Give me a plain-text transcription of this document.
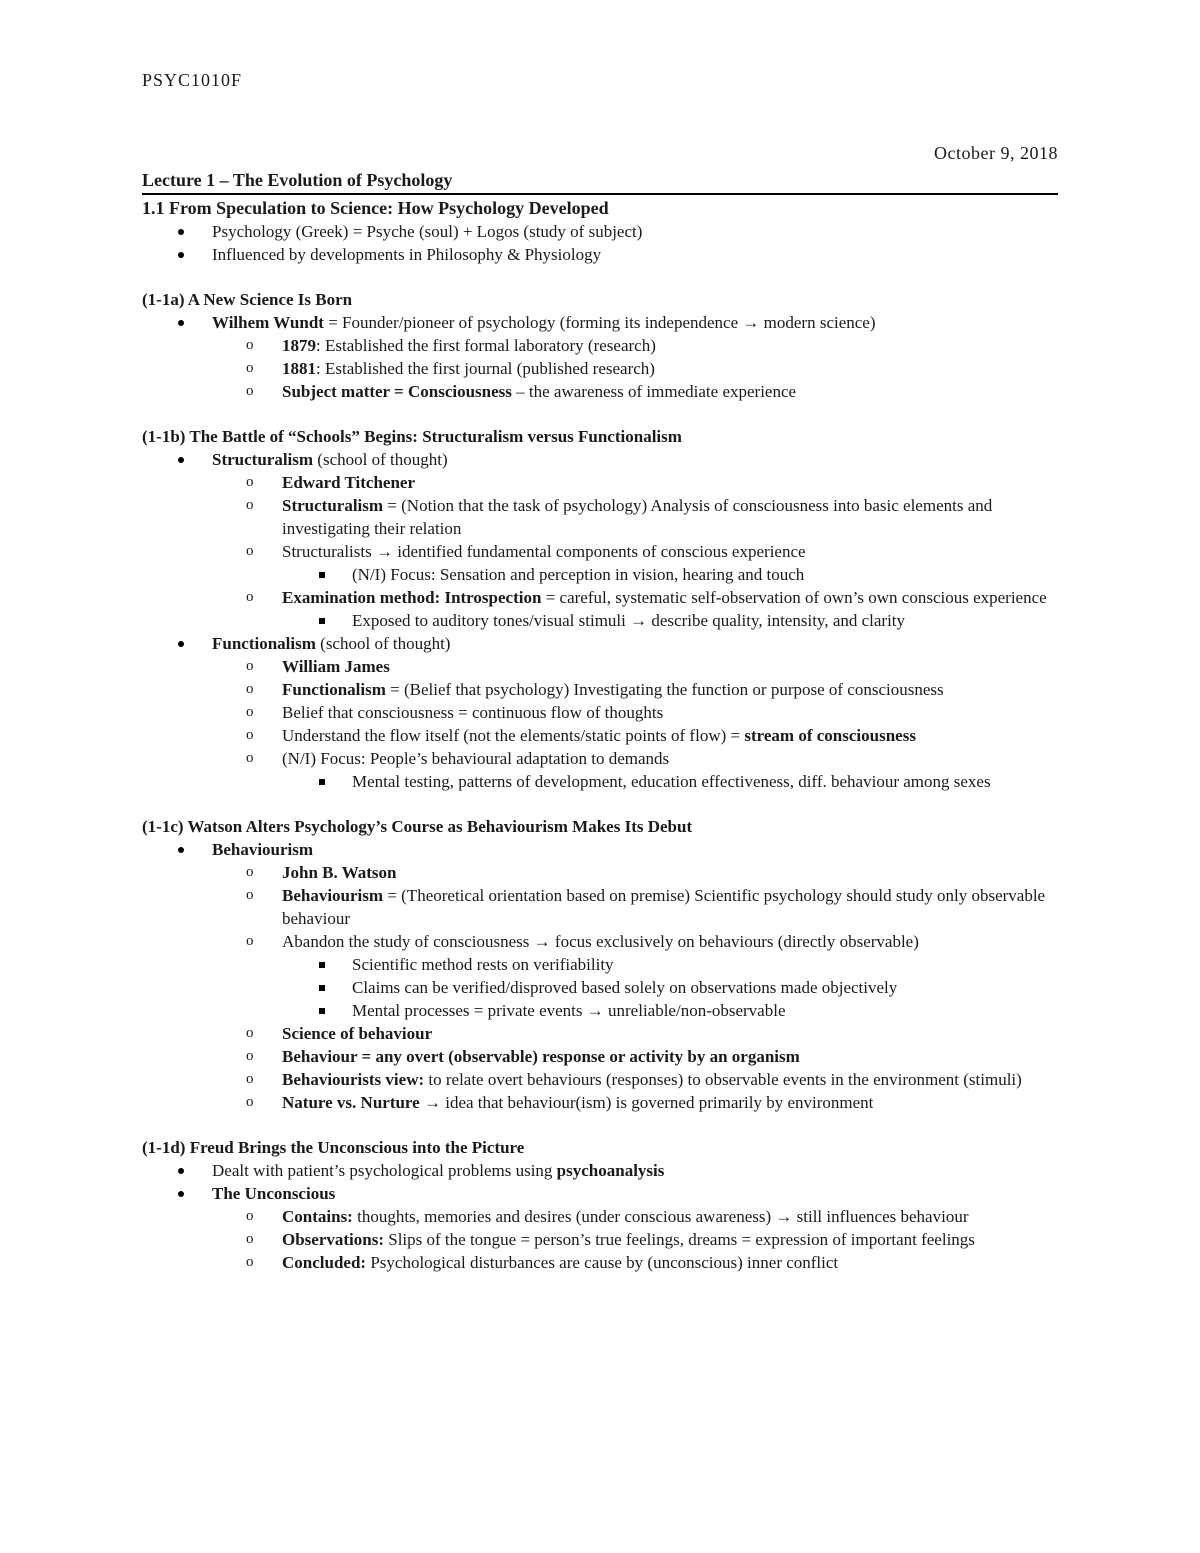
PSYC1010F
October 9, 2018
Lecture 1 – The Evolution of Psychology
1.1 From Speculation to Science: How Psychology Developed
Psychology (Greek) = Psyche (soul) + Logos (study of subject)
Influenced by developments in Philosophy & Physiology
(1-1a) A New Science Is Born
Wilhem Wundt = Founder/pioneer of psychology (forming its independence → modern science)
o 1879: Established the first formal laboratory (research)
o 1881: Established the first journal (published research)
o Subject matter = Consciousness – the awareness of immediate experience
(1-1b) The Battle of “Schools” Begins: Structuralism versus Functionalism
Structuralism (school of thought)
o Edward Titchener
o Structuralism = (Notion that the task of psychology) Analysis of consciousness into basic elements and investigating their relation
o Structuralists → identified fundamental components of conscious experience
(N/I) Focus: Sensation and perception in vision, hearing and touch
o Examination method: Introspection = careful, systematic self-observation of own’s own conscious experience
Exposed to auditory tones/visual stimuli → describe quality, intensity, and clarity
Functionalism (school of thought)
o William James
o Functionalism = (Belief that psychology) Investigating the function or purpose of consciousness
o Belief that consciousness = continuous flow of thoughts
o Understand the flow itself (not the elements/static points of flow) = stream of consciousness
o (N/I) Focus: People’s behavioural adaptation to demands
Mental testing, patterns of development, education effectiveness, diff. behaviour among sexes
(1-1c) Watson Alters Psychology’s Course as Behaviourism Makes Its Debut
Behaviourism
o John B. Watson
o Behaviourism = (Theoretical orientation based on premise) Scientific psychology should study only observable behaviour
o Abandon the study of consciousness → focus exclusively on behaviours (directly observable)
Scientific method rests on verifiability
Claims can be verified/disproved based solely on observations made objectively
Mental processes = private events → unreliable/non-observable
o Science of behaviour
o Behaviour = any overt (observable) response or activity by an organism
o Behaviourists view: to relate overt behaviours (responses) to observable events in the environment (stimuli)
o Nature vs. Nurture → idea that behaviour(ism) is governed primarily by environment
(1-1d) Freud Brings the Unconscious into the Picture
Dealt with patient’s psychological problems using psychoanalysis
The Unconscious
o Contains: thoughts, memories and desires (under conscious awareness) → still influences behaviour
o Observations: Slips of the tongue = person’s true feelings, dreams = expression of important feelings
o Concluded: Psychological disturbances are cause by (unconscious) inner conflict
